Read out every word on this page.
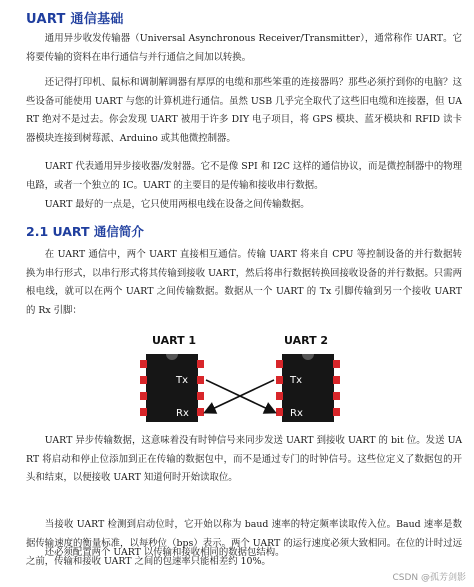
UART 通信基础

通用异步收发传输器（Universal Asynchronous Receiver/Transmitter），通常称作 UART。它将要传输的资料在串行通信与并行通信之间加以转换。

还记得打印机、鼠标和调制解调器有厚厚的电缆和那些笨重的连接器吗？那些必须拧到你的电脑？这些设备可能使用 UART 与您的计算机进行通信。虽然 USB 几乎完全取代了这些旧电缆和连接器，但 UART 绝对不是过去。你会发现 UART 被用于许多 DIY 电子项目，将 GPS 模块、蓝牙模块和 RFID 读卡器模块连接到树莓派、Arduino 或其他微控制器。

UART 代表通用异步接收器/发射器。它不是像 SPI 和 I2C 这样的通信协议，而是微控制器中的物理电路，或者一个独立的 IC。UART 的主要目的是传输和接收串行数据。

UART 最好的一点是，它只使用两根电线在设备之间传输数据。

2.1 UART 通信简介

在 UART 通信中，两个 UART 直接相互通信。传输 UART 将来自 CPU 等控制设备的并行数据转换为串行形式，以串行形式将其传输到接收 UART，然后将串行数据转换回接收设备的并行数据。只需两根电线，就可以在两个 UART 之间传输数据。数据从一个 UART 的 Tx 引脚传输到另一个接收 UART 的 Rx 引脚：

UART 1
Tx
Rx
UART 2
Tx
Rx

UART 异步传输数据，这意味着没有时钟信号来同步发送 UART 到接收 UART 的 bit 位。发送 UART 将启动和停止位添加到正在传输的数据包中，而不是通过专门的时钟信号。这些位定义了数据包的开头和结束，以便接收 UART 知道何时开始读取位。

当接收 UART 检测到启动位时，它开始以称为 baud 速率的特定频率读取传入位。Baud 速率是数据传输速度的衡量标准，以每秒位（bps）表示。两个 UART 的运行速度必须大致相同。在位的计时过远之前，传输和接收 UART 之间的包速率只能相差约 10%。

还必须配置两个 UART 以传输和接收相同的数据包结构。

CSDN @孤芳剑影
